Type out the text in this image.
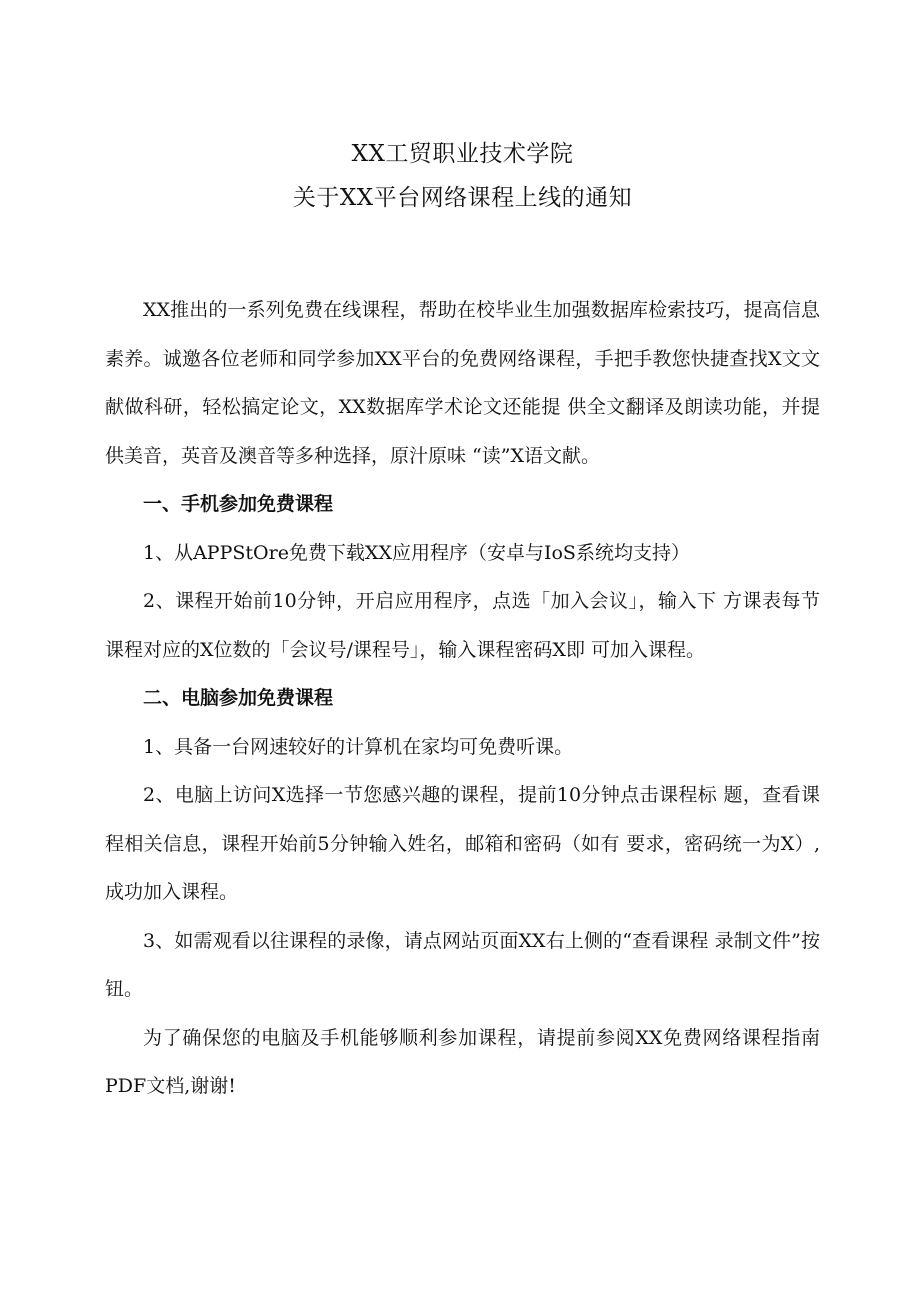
XX工贸职业技术学院
关于XX平台网络课程上线的通知

XX推出的一系列免费在线课程，帮助在校毕业生加强数据库检索技巧，提高信息素养。诚邀各位老师和同学参加XX平台的免费网络课程，手把手教您快捷查找X文文献做科研，轻松搞定论文，XX数据库学术论文还能提 供全文翻译及朗读功能，并提供美音，英音及澳音等多种选择，原汁原味 “读”X语文献。

一、手机参加免费课程

1、从APPStOre免费下载XX应用程序（安卓与IoS系统均支持）

2、课程开始前10分钟，开启应用程序，点选「加入会议」，输入下 方课表每节课程对应的X位数的「会议号/课程号」，输入课程密码X即 可加入课程。

二、电脑参加免费课程

1、具备一台网速较好的计算机在家均可免费听课。

2、电脑上访问X选择一节您感兴趣的课程，提前10分钟点击课程标 题，查看课程相关信息，课程开始前5分钟输入姓名，邮箱和密码（如有 要求，密码统一为X）,成功加入课程。

3、如需观看以往课程的录像，请点网站页面XX右上侧的“查看课程 录制文件”按钮。

为了确保您的电脑及手机能够顺利参加课程，请提前参阅XX免费网络课程指南PDF文档,谢谢!
